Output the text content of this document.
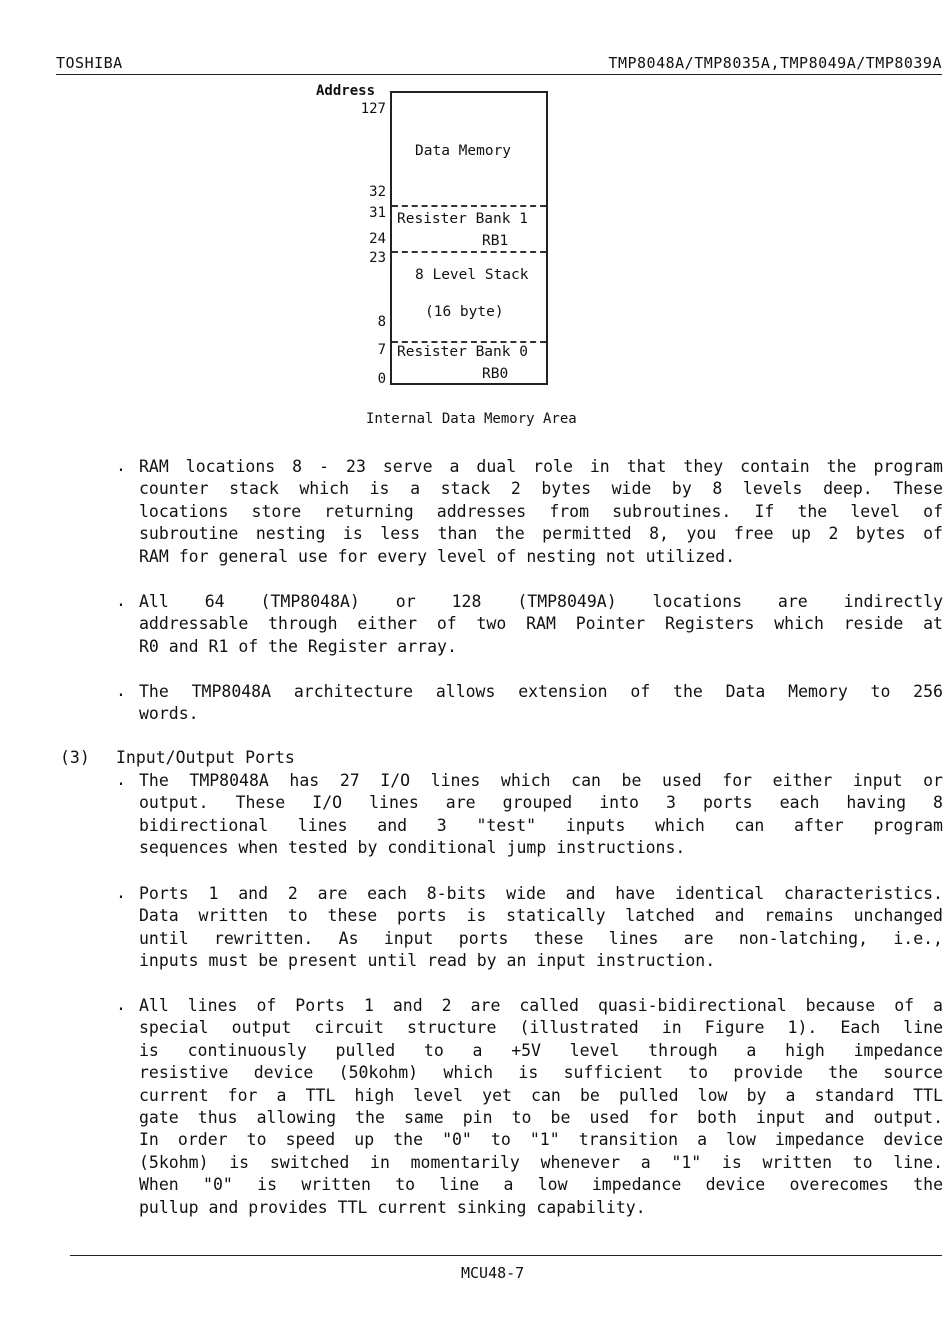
TOSHIBA	TMP8048A/TMP8035A,TMP8049A/TMP8039A
Address
127
32
31
24
23
8
7
0
Data Memory
Resister Bank 1
RB1
8 Level Stack
(16 byte)
Resister Bank 0
RB0
Internal Data Memory Area
. RAM locations 8 - 23 serve a dual role in that they contain the program

counter stack which is a stack 2 bytes wide by 8 levels deep. These

locations store returning addresses from subroutines. If the level of

subroutine nesting is less than the permitted 8, you free up 2 bytes of

RAM for general use for every level of nesting not utilized.

. All 64 (TMP8048A) or 128 (TMP8049A) locations are indirectly

addressable through either of two RAM Pointer Registers which reside at

R0 and R1 of the Register array.

. The TMP8048A architecture allows extension of the Data Memory to 256

words.

(3) Input/Output Ports
. The TMP8048A has 27 I/O lines which can be used for either input or

output. These I/O lines are grouped into 3 ports each having 8

bidirectional lines and 3 "test" inputs which can after program

sequences when tested by conditional jump instructions.

. Ports 1 and 2 are each 8-bits wide and have identical characteristics.

Data written to these ports is statically latched and remains unchanged

until rewritten. As input ports these lines are non-latching, i.e.,

inputs must be present until read by an input instruction.

. All lines of Ports 1 and 2 are called quasi-bidirectional because of a

special output circuit structure (illustrated in Figure 1). Each line

is continuously pulled to a +5V level through a high impedance

resistive device (50kohm) which is sufficient to provide the source

current for a TTL high level yet can be pulled low by a standard TTL

gate thus allowing the same pin to be used for both input and output.

In order to speed up the "0" to "1" transition a low impedance device

(5kohm) is switched in momentarily whenever a "1" is written to line.

When "0" is written to line a low impedance device overecomes the

pullup and provides TTL current sinking capability.

MCU48-7
